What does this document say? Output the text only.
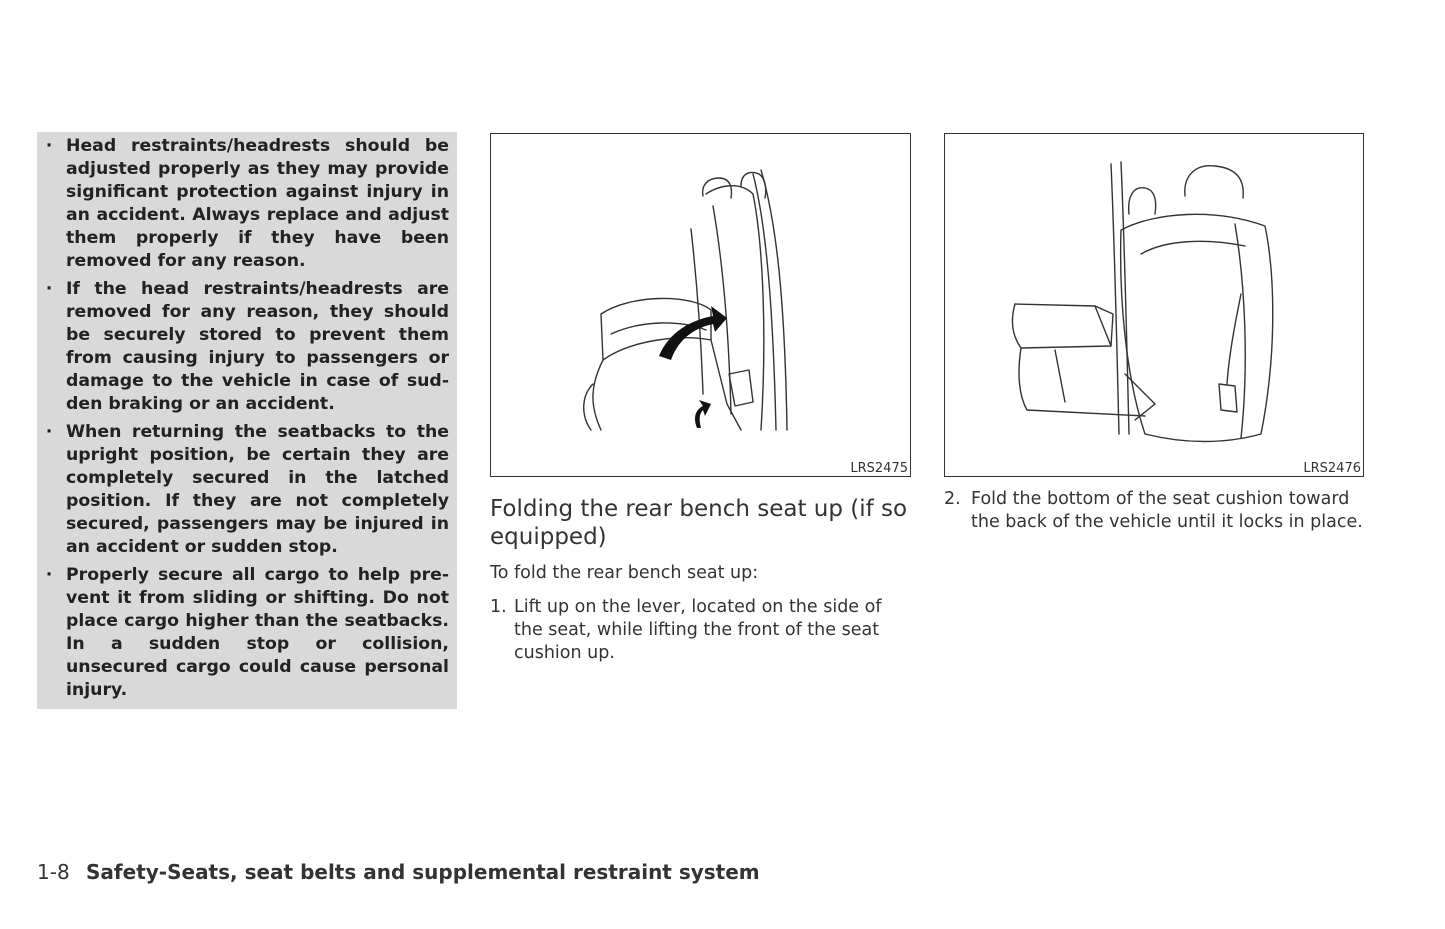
· Head restraints/headrests should be adjusted properly as they may provide significant protection against injury in an accident. Always replace and adjust them properly if they have been removed for any reason.
· If the head restraints/headrests are removed for any reason, they should be securely stored to prevent them from causing injury to passengers or damage to the vehicle in case of sudden braking or an accident.
· When returning the seatbacks to the upright position, be certain they are completely secured in the latched position. If they are not completely secured, passengers may be injured in an accident or sudden stop.
· Properly secure all cargo to help prevent it from sliding or shifting. Do not place cargo higher than the seatbacks. In a sudden stop or collision, unsecured cargo could cause personal injury.
LRS2475	LRS2476
Folding the rear bench seat up (if so equipped)

To fold the rear bench seat up:

1. Lift up on the lever, located on the side of the seat, while lifting the front of the seat cushion up.

2. Fold the bottom of the seat cushion toward the back of the vehicle until it locks in place.

1-8 Safety-Seats, seat belts and supplemental restraint system
